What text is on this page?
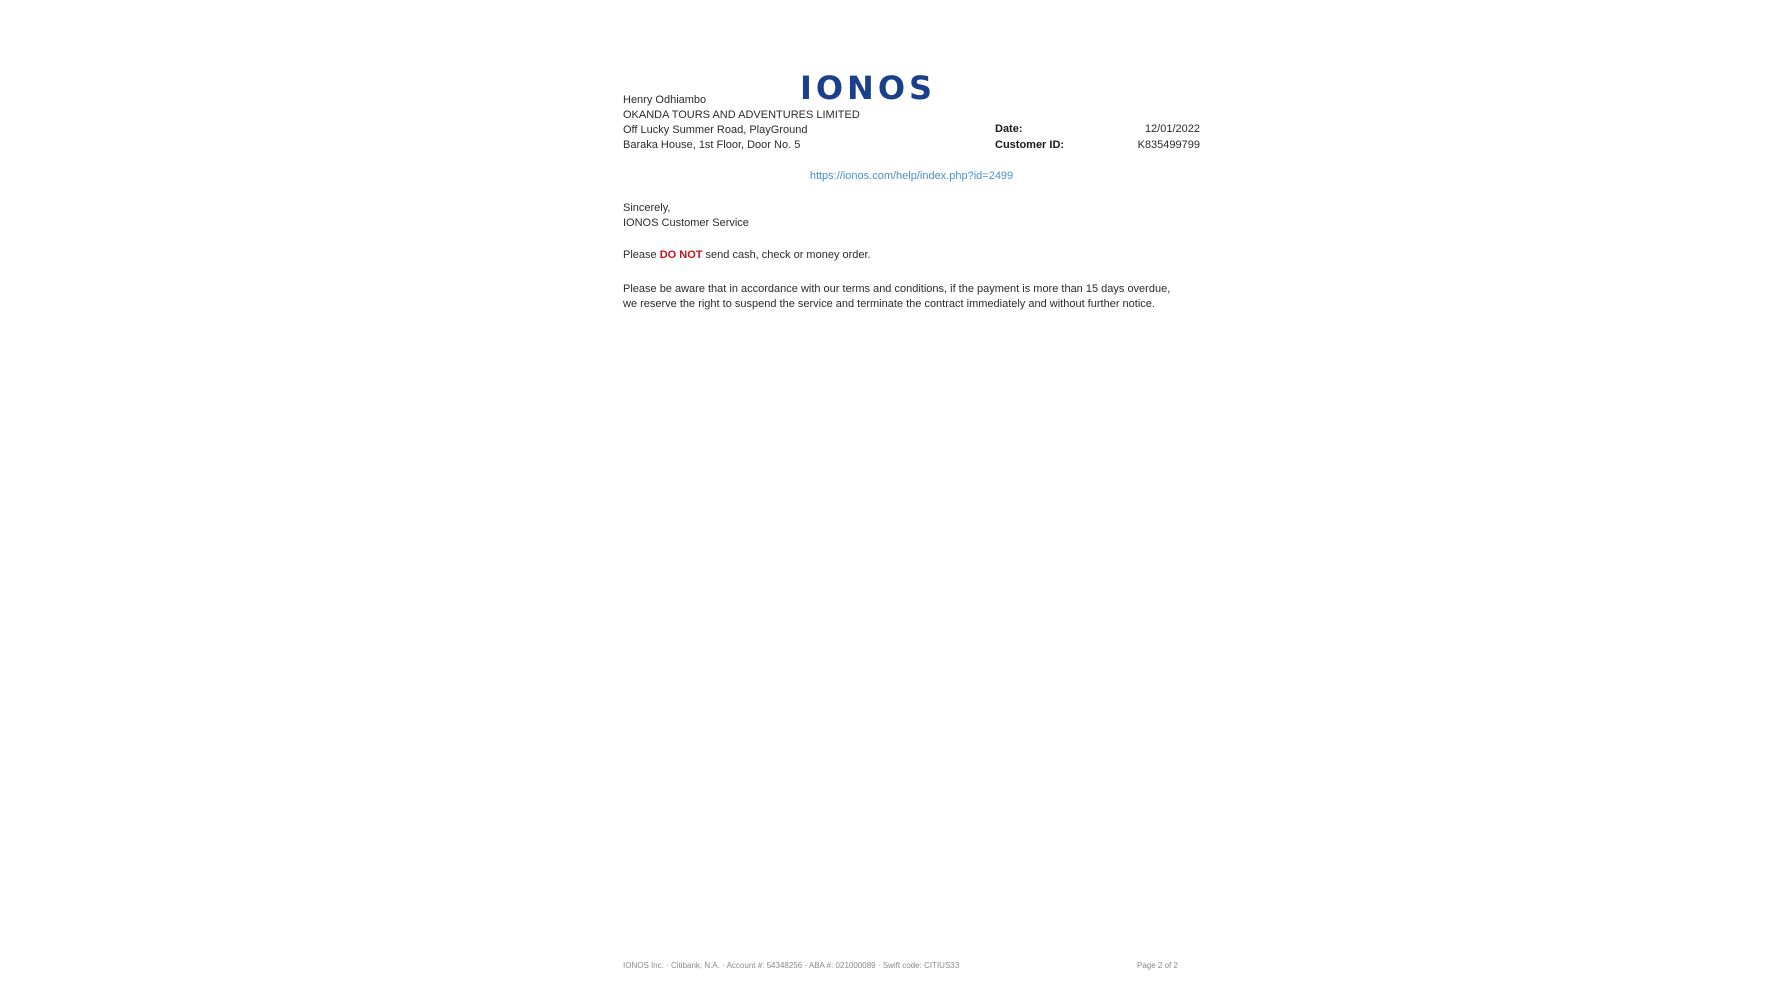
IONOS
Henry Odhiambo
OKANDA TOURS AND ADVENTURES LIMITED
Off Lucky Summer Road, PlayGround
Baraka House, 1st Floor, Door No. 5
Date:	12/01/2022
Customer ID:	K835499799
https://ionos.com/help/index.php?id=2499
Sincerely,
IONOS Customer Service
Please DO NOT send cash, check or money order.
Please be aware that in accordance with our terms and conditions, if the payment is more than 15 days overdue,
we reserve the right to suspend the service and terminate the contract immediately and without further notice.
IONOS Inc. · Citibank, N.A. · Account #: 54348256 · ABA #: 021000089 · Swift code: CITIUS33	Page 2 of 2
